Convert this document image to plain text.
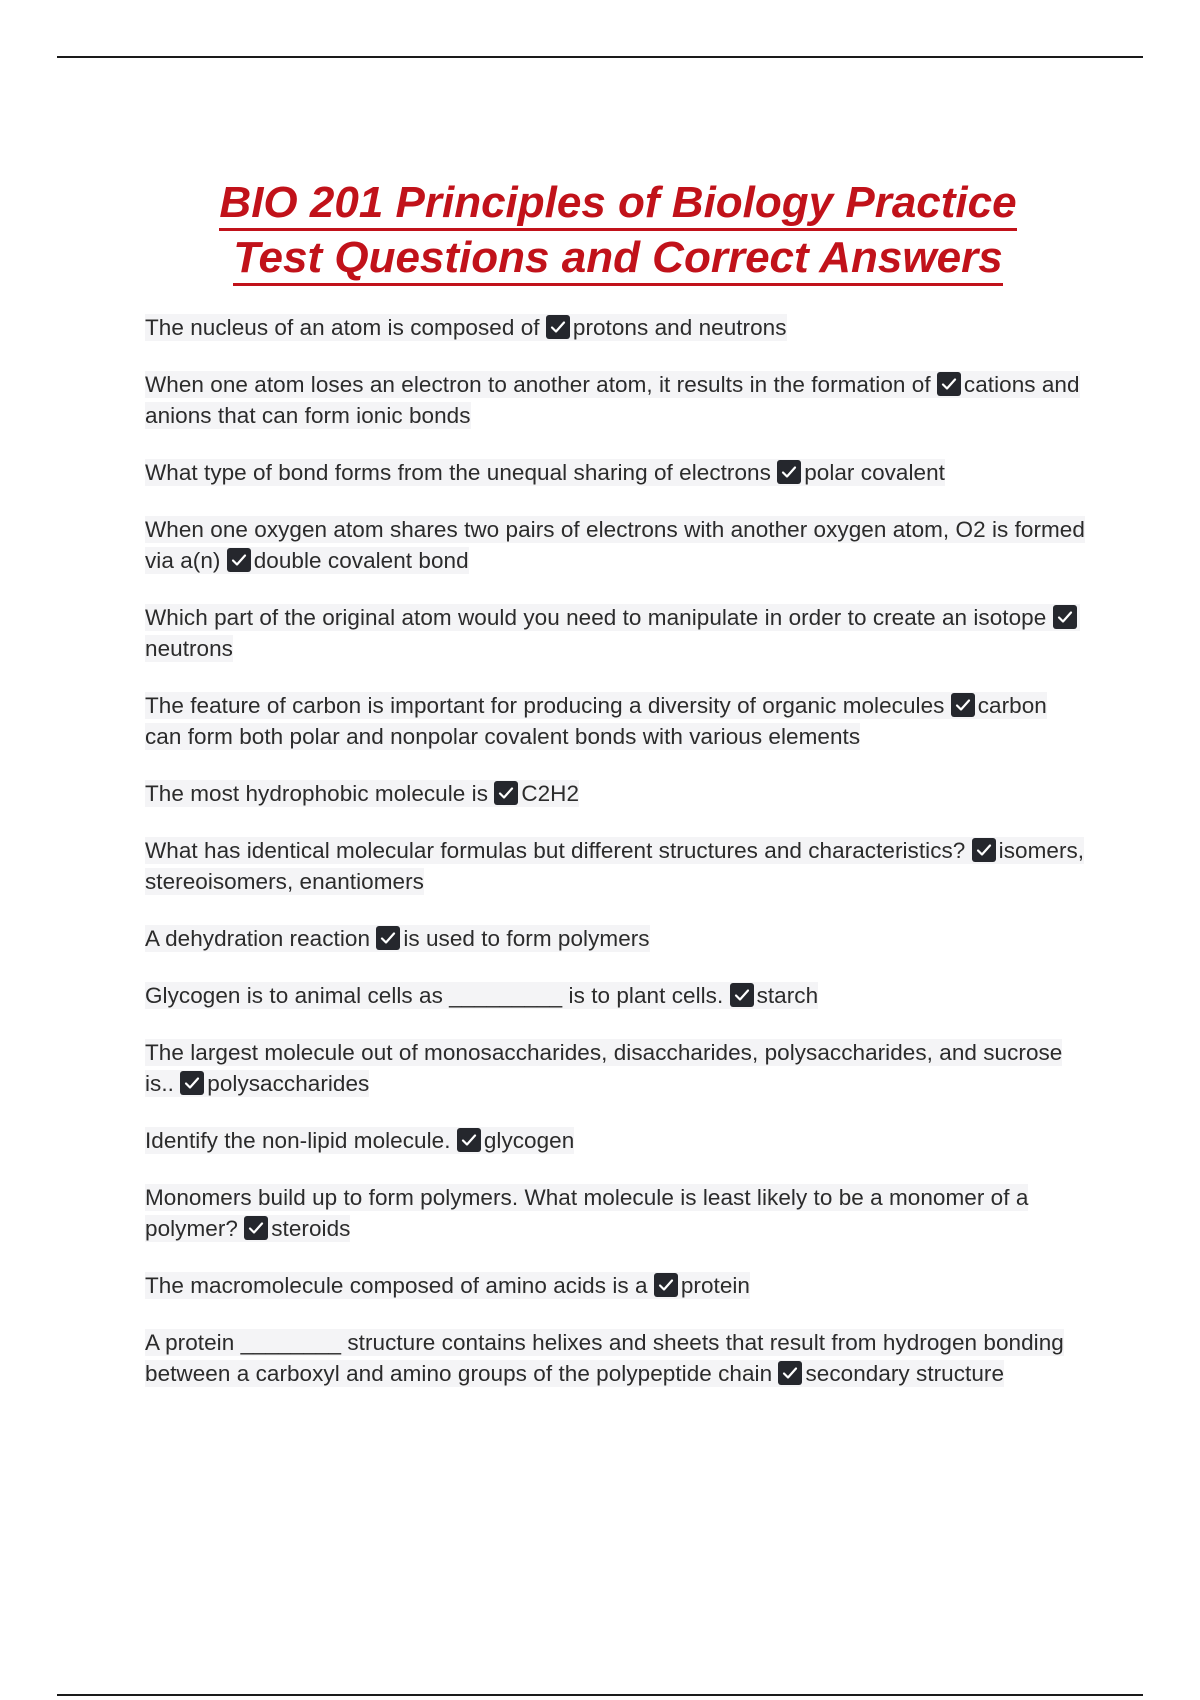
BIO 201 Principles of Biology Practice
Test Questions and Correct Answers
The nucleus of an atom is composed of
protons and neutrons
When one atom loses an electron to another atom, it results in the formation of
cations and anions that can form ionic bonds
What type of bond forms from the unequal sharing of electrons
polar covalent
When one oxygen atom shares two pairs of electrons with another oxygen atom, O2 is formed via a(n)
double covalent bond
Which part of the original atom would you need to manipulate in order to create an isotope
neutrons
The feature of carbon is important for producing a diversity of organic molecules
carbon can form both polar and nonpolar covalent bonds with various elements
The most hydrophobic molecule is
C2H2
What has identical molecular formulas but different structures and characteristics?
isomers, stereoisomers, enantiomers
A dehydration reaction
is used to form polymers
Glycogen is to animal cells as _________ is to plant cells.
starch
The largest molecule out of monosaccharides, disaccharides, polysaccharides, and sucrose is..
polysaccharides
Identify the non-lipid molecule.
glycogen
Monomers build up to form polymers. What molecule is least likely to be a monomer of a polymer?
steroids
The macromolecule composed of amino acids is a
protein
A protein ________ structure contains helixes and sheets that result from hydrogen bonding between a carboxyl and amino groups of the polypeptide chain
secondary structure
